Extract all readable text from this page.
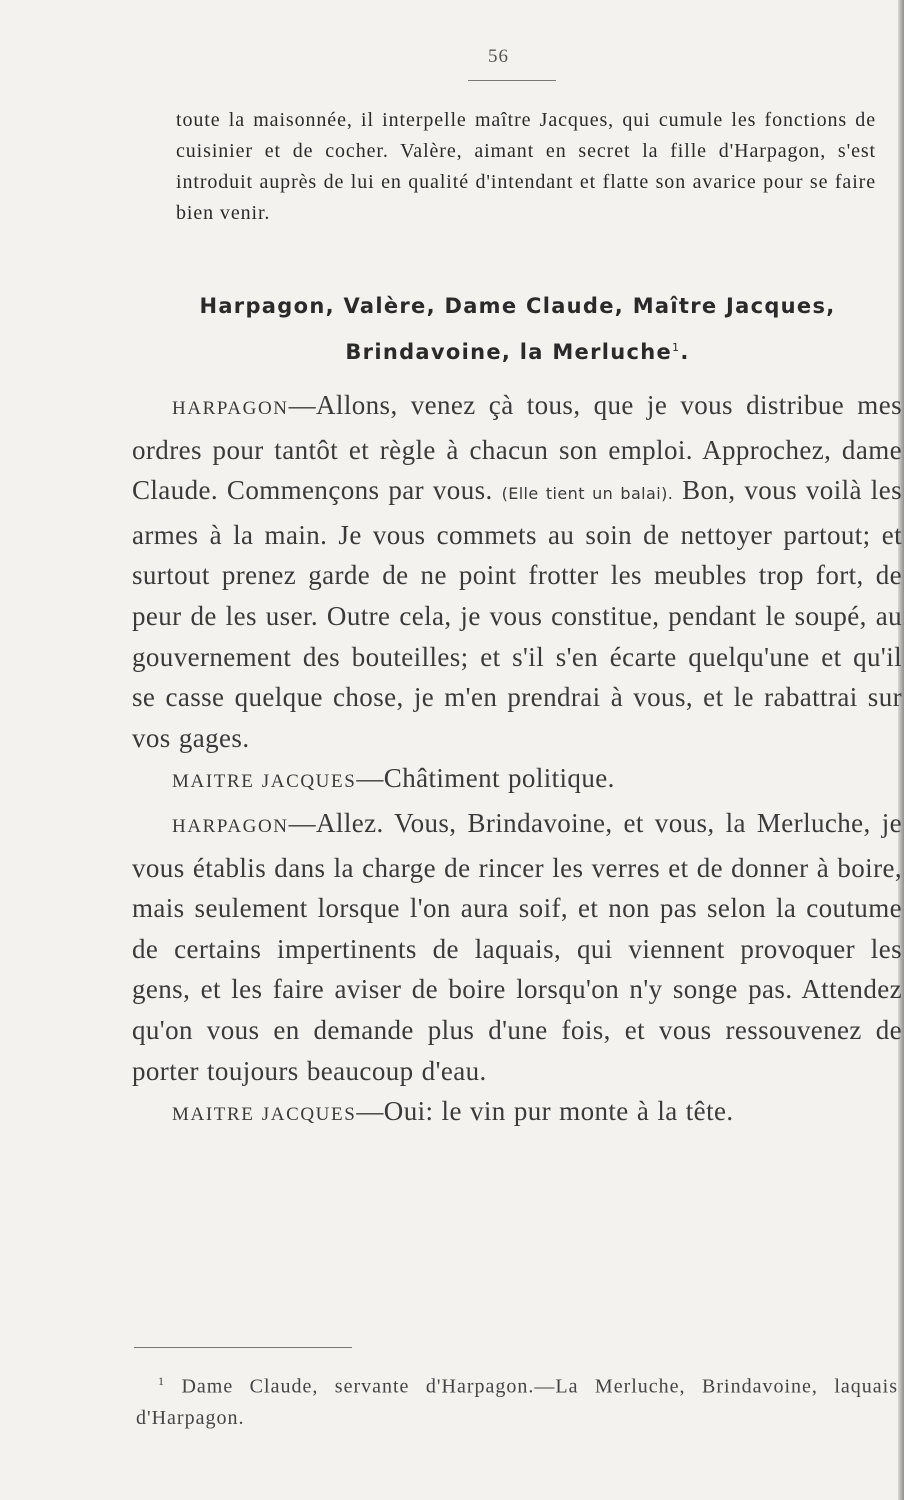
56

toute la maisonnée, il interpelle maître Jacques, qui cumule les fonctions de cuisinier et de cocher. Valère, aimant en secret la fille d'Harpagon, s'est introduit auprès de lui en qualité d'intendant et flatte son avarice pour se faire bien venir.

Harpagon, Valère, Dame Claude, Maître Jacques,
Brindavoine, la Merluche$^1$.

HARPAGON—Allons, venez çà tous, que je vous distribue mes ordres pour tantôt et règle à chacun son emploi. Approchez, dame Claude. Commençons par vous. (Elle tient un balai). Bon, vous voilà les armes à la main. Je vous commets au soin de nettoyer partout; et surtout prenez garde de ne point frotter les meubles trop fort, de peur de les user. Outre cela, je vous constitue, pendant le soupé, au gouvernement des bouteilles; et s'il s'en écarte quelqu'une et qu'il se casse quelque chose, je m'en prendrai à vous, et le rabattrai sur vos gages.

MAITRE JACQUES—Châtiment politique.

HARPAGON—Allez. Vous, Brindavoine, et vous, la Merluche, je vous établis dans la charge de rincer les verres et de donner à boire, mais seulement lorsque l'on aura soif, et non pas selon la coutume de certains impertinents de laquais, qui viennent provoquer les gens, et les faire aviser de boire lorsqu'on n'y songe pas. Attendez qu'on vous en demande plus d'une fois, et vous ressouvenez de porter toujours beaucoup d'eau.

MAITRE JACQUES—Oui: le vin pur monte à la tête.

$^1$ Dame Claude, servante d'Harpagon.—La Merluche, Brindavoine, laquais d'Harpagon.
